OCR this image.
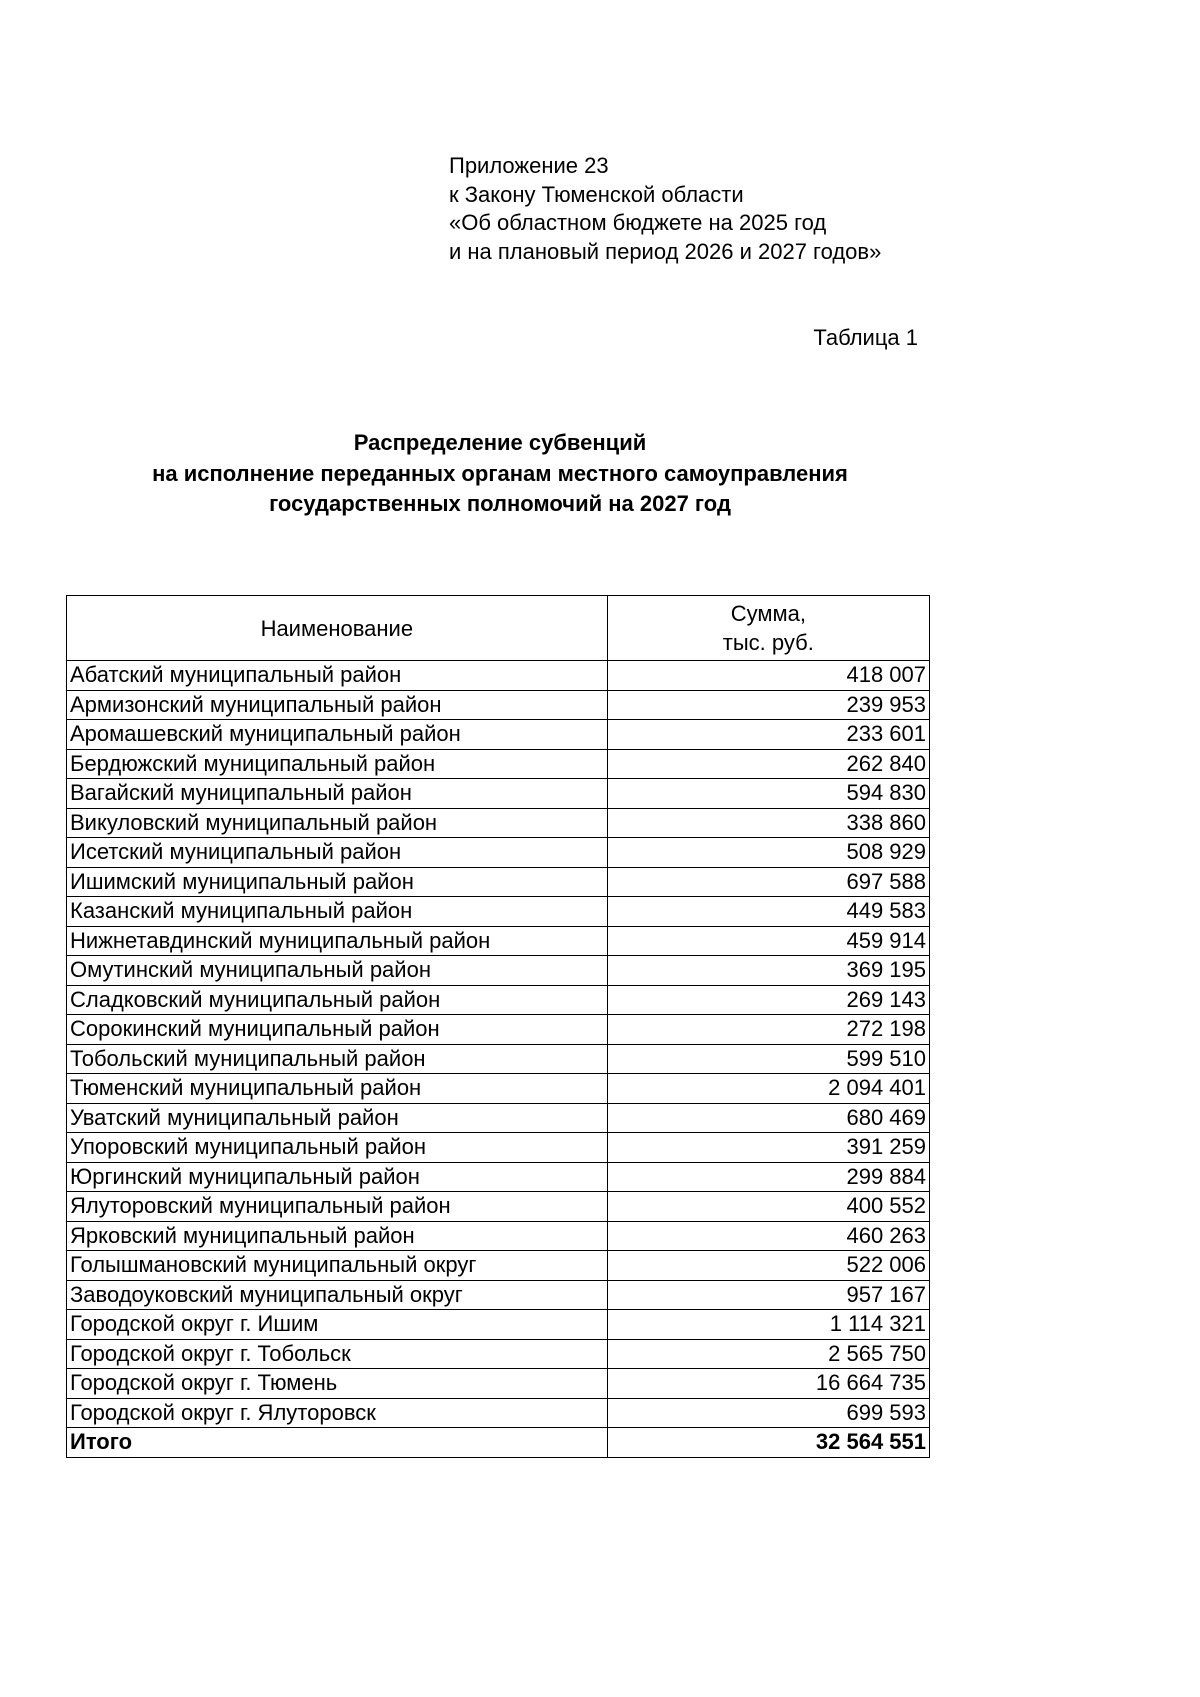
Приложение 23
к Закону Тюменской области
«Об областном бюджете на 2025 год
и на плановый период 2026 и 2027 годов»
Таблица 1
Распределение субвенций
на исполнение переданных органам местного самоуправления
государственных полномочий на 2027 год
Наименование	Сумма,
тыс. руб.

Абатский муниципальный район	418 007
Армизонский муниципальный район	239 953
Аромашевский муниципальный район	233 601
Бердюжский муниципальный район	262 840
Вагайский муниципальный район	594 830
Викуловский муниципальный район	338 860
Исетский муниципальный район	508 929
Ишимский муниципальный район	697 588
Казанский муниципальный район	449 583
Нижнетавдинский муниципальный район	459 914
Омутинский муниципальный район	369 195
Сладковский муниципальный район	269 143
Сорокинский муниципальный район	272 198
Тобольский муниципальный район	599 510
Тюменский муниципальный район	2 094 401
Уватский муниципальный район	680 469
Упоровский муниципальный район	391 259
Юргинский муниципальный район	299 884
Ялуторовский муниципальный район	400 552
Ярковский муниципальный район	460 263
Голышмановский муниципальный округ	522 006
Заводоуковский муниципальный округ	957 167
Городской округ г. Ишим	1 114 321
Городской округ г. Тобольск	2 565 750
Городской округ г. Тюмень	16 664 735
Городской округ г. Ялуторовск	699 593
Итого	32 564 551
